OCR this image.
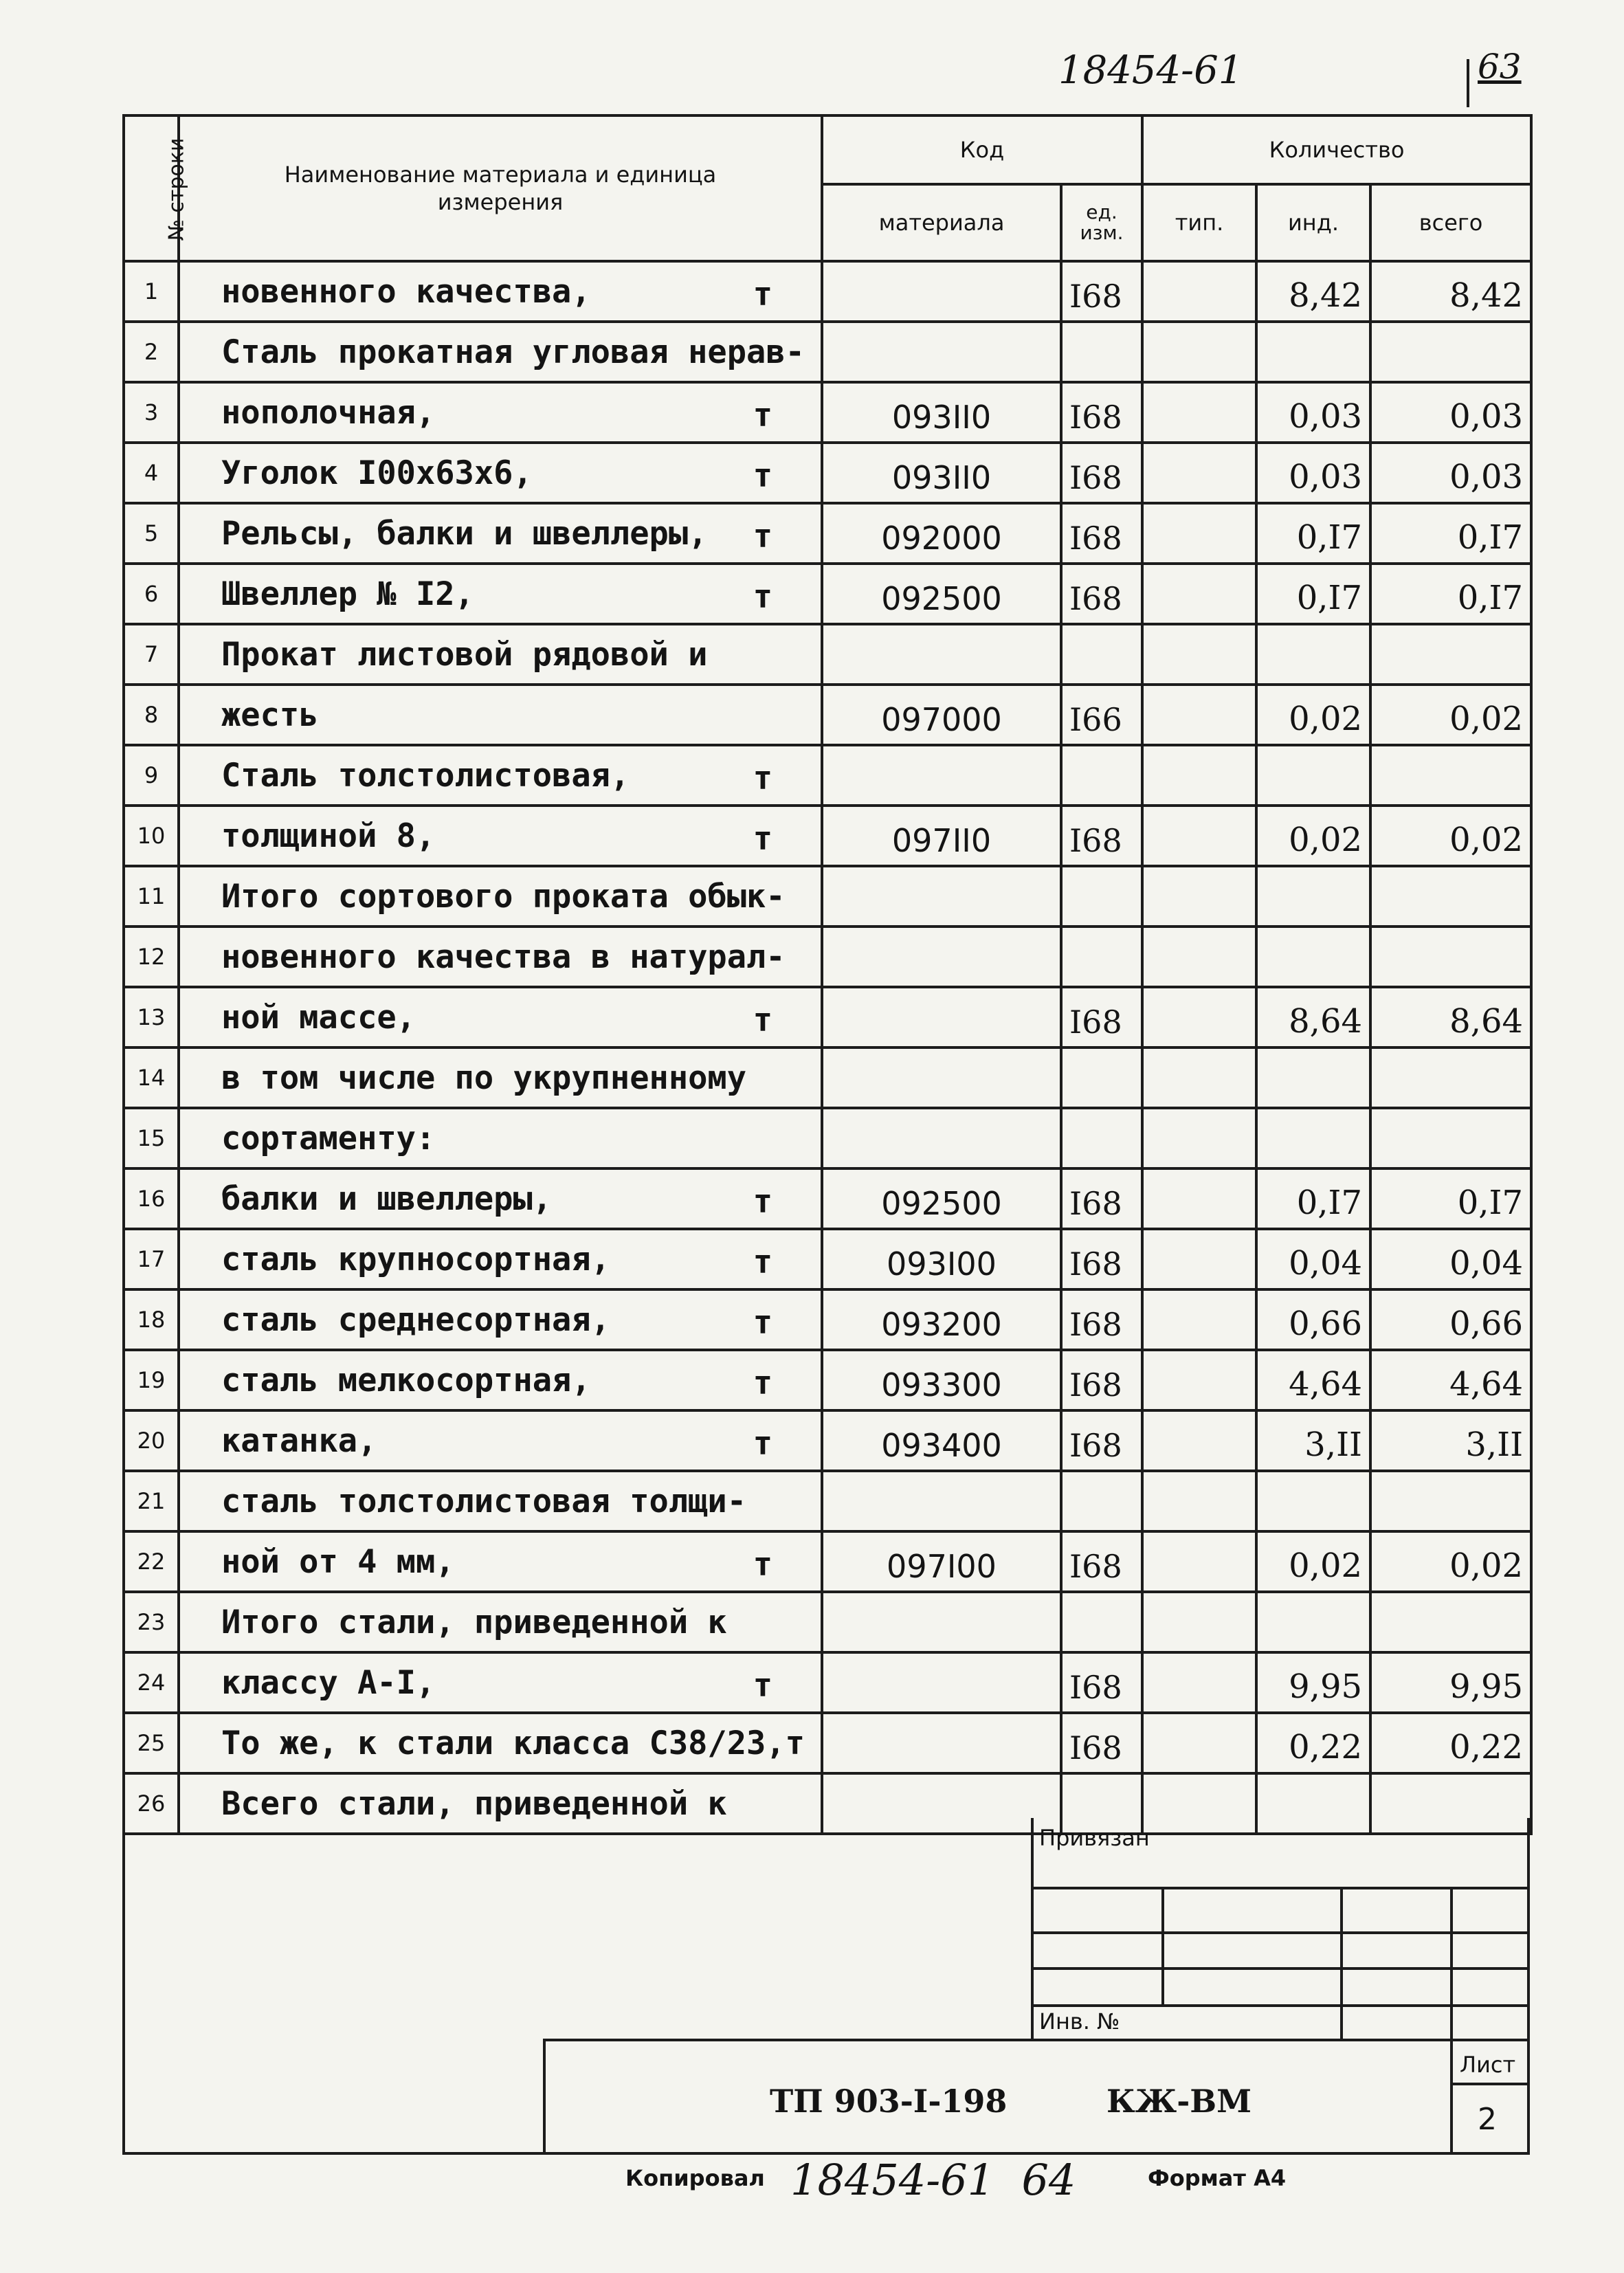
18454-61	63
№ строки	Наименование материала и единица измерения	Код		Количество		
		материала	ед. изм.	тип.	инд.	всего
1	новенного качества, т		I68		8,42	8,42
2	Сталь прокатная угловая нерав-

3	нополочная, т	093II0	I68		0,03	0,03
4	Уголок I00x63x6, т	093II0	I68		0,03	0,03
5	Рельсы, балки и швеллеры, т	092000	I68		0,I7	0,I7
6	Швеллер № I2, т	092500	I68		0,I7	0,I7
7	Прокат листовой рядовой и

8	жесть	097000	I66		0,02	0,02
9	Сталь толстолистовая, т					

10	толщиной 8, т	097II0	I68		0,02	0,02
11	Итого сортового проката обык-

12	новенного качества в натурал-

13	ной массе, т		I68		8,64	8,64
14	в том числе по укрупненному

15	сортаменту:

16	балки и швеллеры, т	092500	I68		0,I7	0,I7
17	сталь крупносортная, т	093I00	I68		0,04	0,04
18	сталь среднесортная, т	093200	I68		0,66	0,66
19	сталь мелкосортная, т	093300	I68		4,64	4,64
20	катанка, т	093400	I68		3,II	3,II
21	сталь толстолистовая толщи-

22	ной от 4 мм, т	097I00	I68		0,02	0,02
23	Итого стали, приведенной к

24	классу А-I, т		I68		9,95	9,95
25	То же, к стали класса С38/23,т		I68		0,22	0,22
26	Всего стали, приведенной к

Привязан
Инв. №
ТП 903-I-198	КЖ-ВМ
Лист
2
Копировал 18454-61  64	Формат А4
